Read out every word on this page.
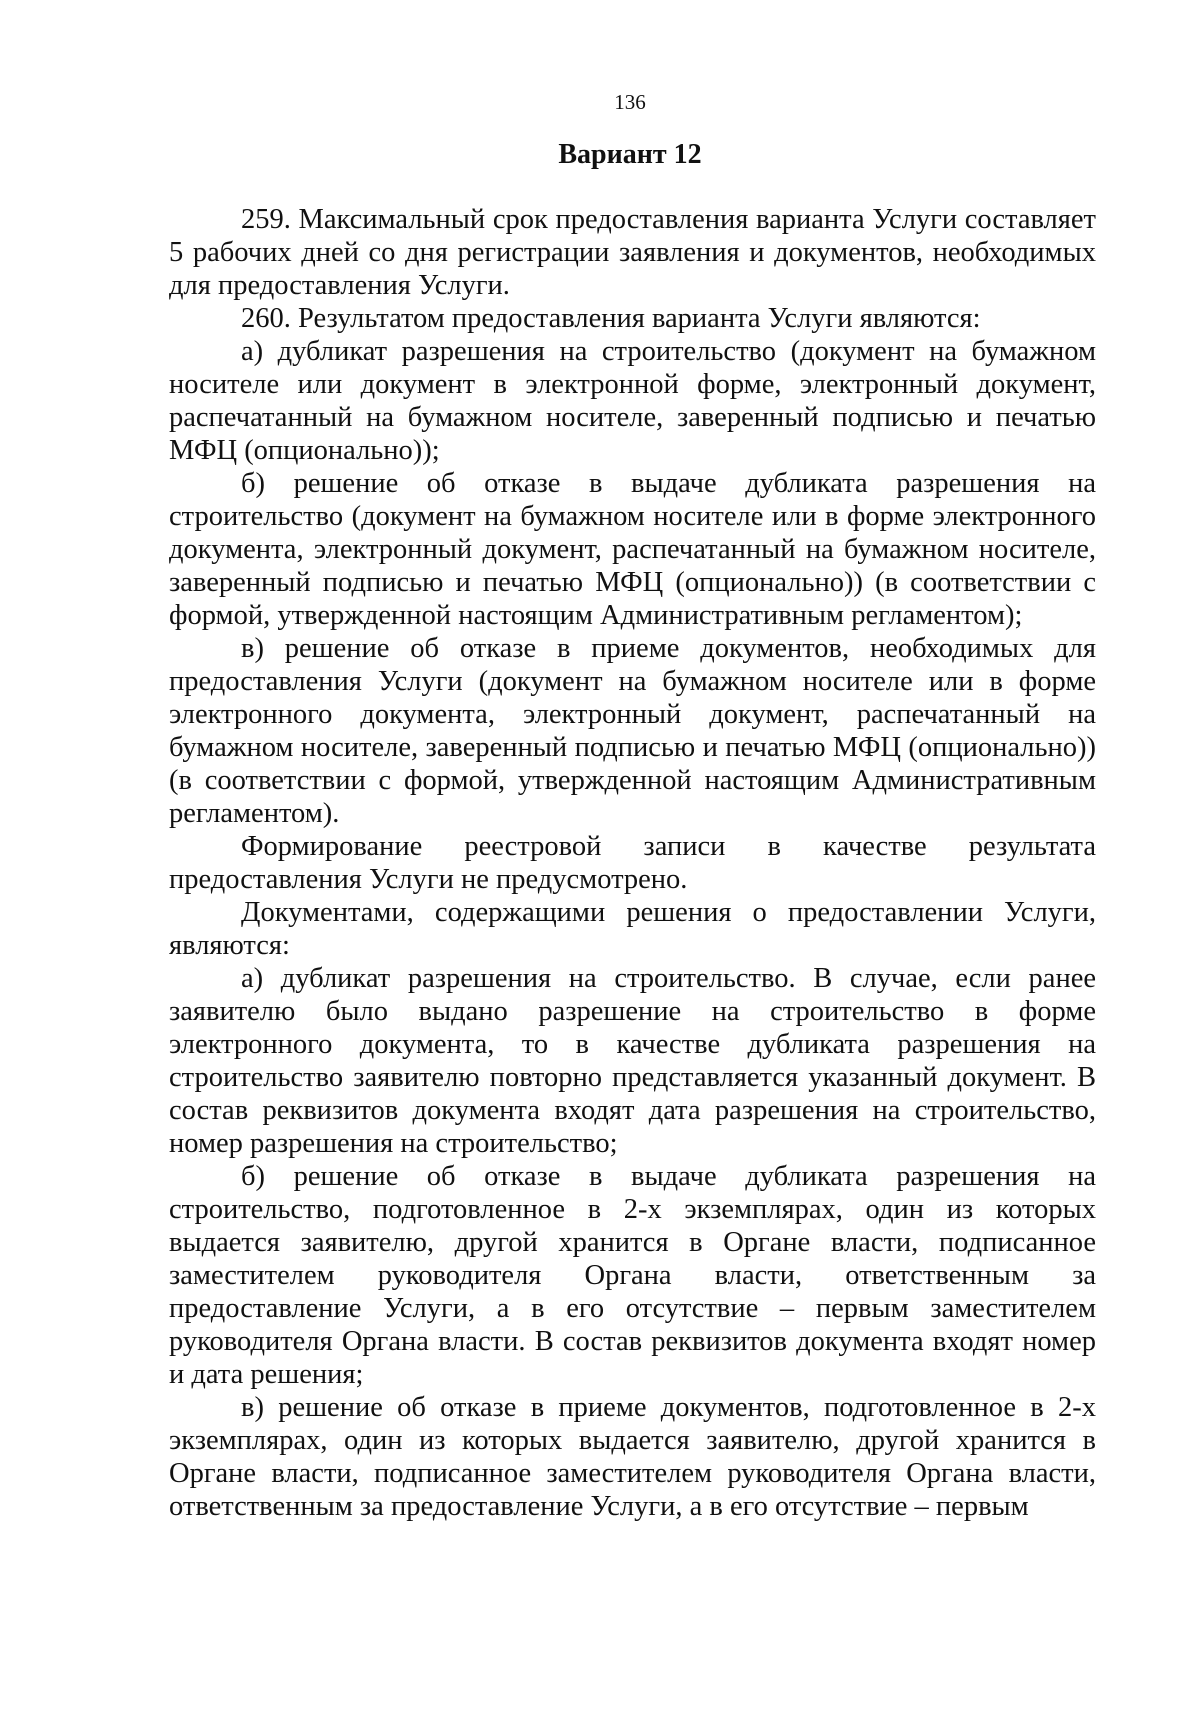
136
Вариант 12

259. Максимальный срок предоставления варианта Услуги составляет 5 рабочих дней со дня регистрации заявления и документов, необходимых для предоставления Услуги.

260. Результатом предоставления варианта Услуги являются:

а) дубликат разрешения на строительство (документ на бумажном носителе или документ в электронной форме, электронный документ, распечатанный на бумажном носителе, заверенный подписью и печатью МФЦ (опционально));

б) решение об отказе в выдаче дубликата разрешения на строительство (документ на бумажном носителе или в форме электронного документа, электронный документ, распечатанный на бумажном носителе, заверенный подписью и печатью МФЦ (опционально)) (в соответствии с формой, утвержденной настоящим Административным регламентом);

в) решение об отказе в приеме документов, необходимых для предоставления Услуги (документ на бумажном носителе или в форме электронного документа, электронный документ, распечатанный на бумажном носителе, заверенный подписью и печатью МФЦ (опционально)) (в соответствии с формой, утвержденной настоящим Административным регламентом).

Формирование реестровой записи в качестве результата предоставления Услуги не предусмотрено.

Документами, содержащими решения о предоставлении Услуги, являются:

а) дубликат разрешения на строительство. В случае, если ранее заявителю было выдано разрешение на строительство в форме электронного документа, то в качестве дубликата разрешения на строительство заявителю повторно представляется указанный документ. В состав реквизитов документа входят дата разрешения на строительство, номер разрешения на строительство;

б) решение об отказе в выдаче дубликата разрешения на строительство, подготовленное в 2-х экземплярах, один из которых выдается заявителю, другой хранится в Органе власти, подписанное заместителем руководителя Органа власти, ответственным за предоставление Услуги, а в его отсутствие – первым заместителем руководителя Органа власти. В состав реквизитов документа входят номер и дата решения;

в) решение об отказе в приеме документов, подготовленное в 2-х экземплярах, один из которых выдается заявителю, другой хранится в Органе власти, подписанное заместителем руководителя Органа власти, ответственным за предоставление Услуги, а в его отсутствие – первым
